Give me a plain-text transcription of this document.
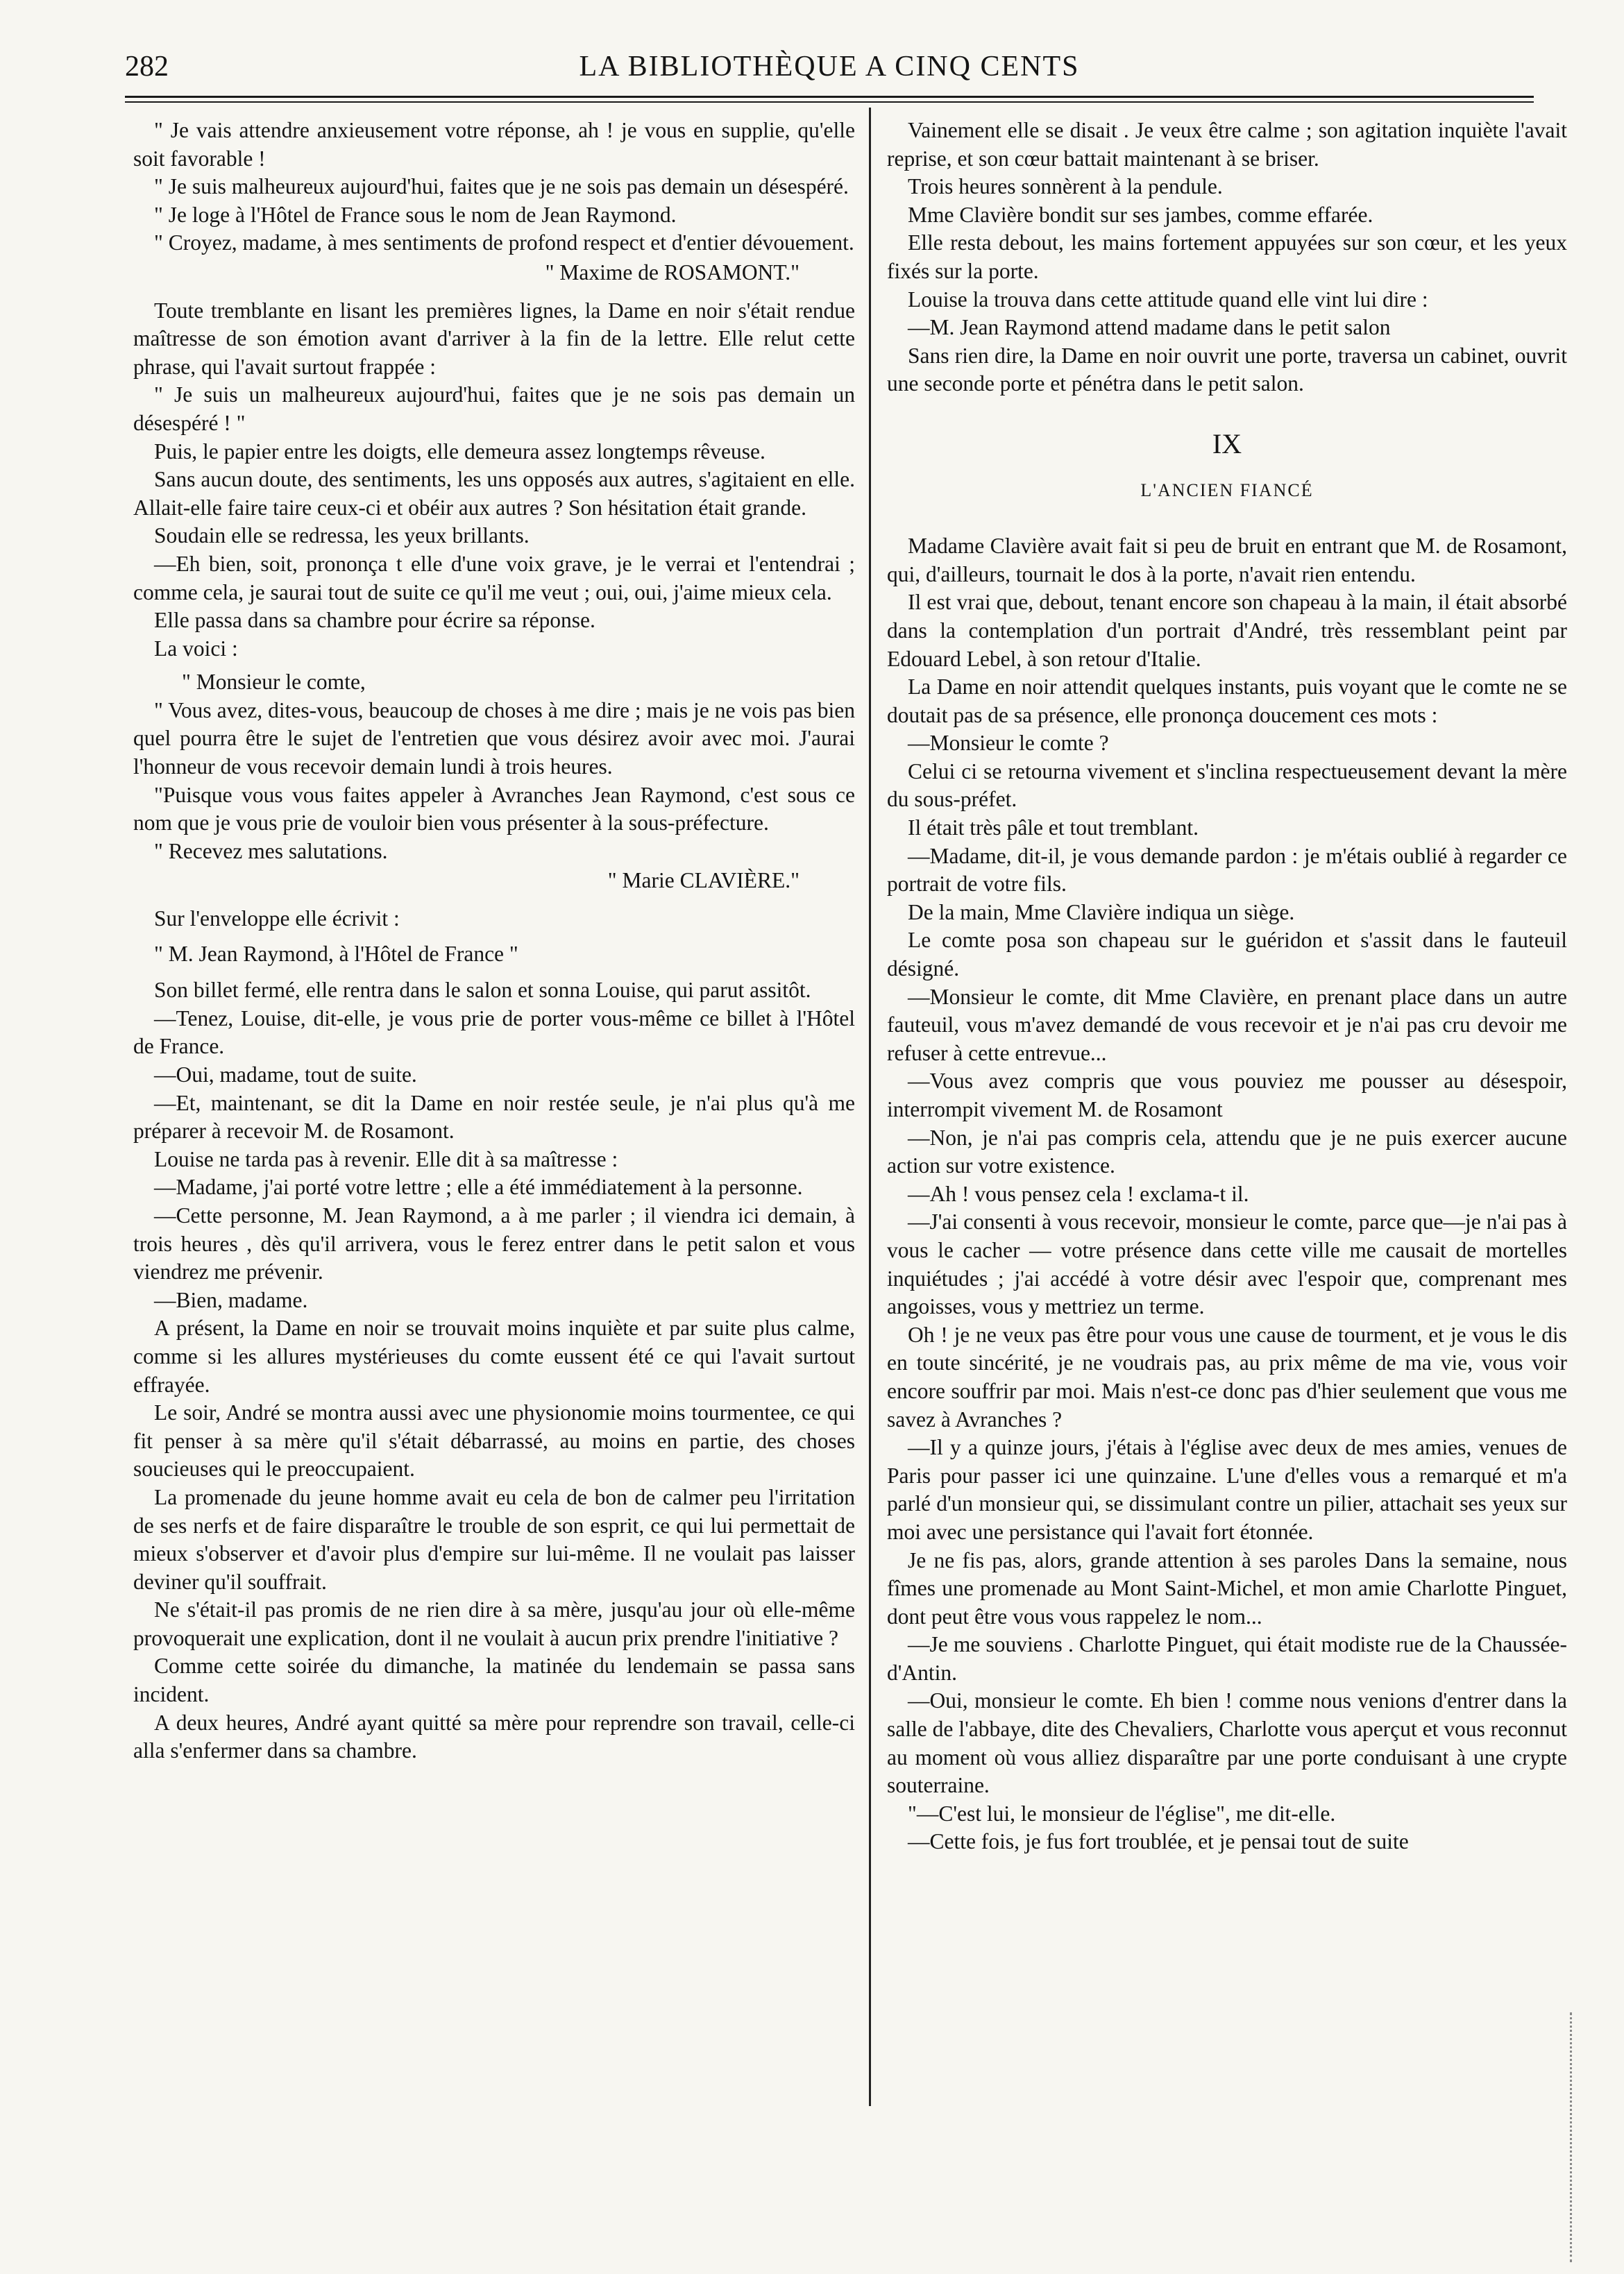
282	LA BIBLIOTHÈQUE A CINQ CENTS

" Je vais attendre anxieusement votre réponse, ah ! je vous en supplie, qu'elle soit favorable !

" Je suis malheureux aujourd'hui, faites que je ne sois pas demain un désespéré.

" Je loge à l'Hôtel de France sous le nom de Jean Raymond.

" Croyez, madame, à mes sentiments de profond respect et d'entier dévouement.

" Maxime de ROSAMONT."

Toute tremblante en lisant les premières lignes, la Dame en noir s'était rendue maîtresse de son émotion avant d'arriver à la fin de la lettre. Elle relut cette phrase, qui l'avait surtout frappée :

" Je suis un malheureux aujourd'hui, faites que je ne sois pas demain un désespéré ! "

Puis, le papier entre les doigts, elle demeura assez longtemps rêveuse.

Sans aucun doute, des sentiments, les uns opposés aux autres, s'agitaient en elle. Allait-elle faire taire ceux-ci et obéir aux autres ? Son hésitation était grande.

Soudain elle se redressa, les yeux brillants.

—Eh bien, soit, prononça t elle d'une voix grave, je le verrai et l'entendrai ; comme cela, je saurai tout de suite ce qu'il me veut ; oui, oui, j'aime mieux cela.

Elle passa dans sa chambre pour écrire sa réponse.

La voici :

" Monsieur le comte,

" Vous avez, dites-vous, beaucoup de choses à me dire ; mais je ne vois pas bien quel pourra être le sujet de l'entretien que vous désirez avoir avec moi. J'aurai l'honneur de vous recevoir demain lundi à trois heures.

"Puisque vous vous faites appeler à Avranches Jean Raymond, c'est sous ce nom que je vous prie de vouloir bien vous présenter à la sous-préfecture.

" Recevez mes salutations.

" Marie CLAVIÈRE."

Sur l'enveloppe elle écrivit :

" M. Jean Raymond, à l'Hôtel de France "

Son billet fermé, elle rentra dans le salon et sonna Louise, qui parut assitôt.

—Tenez, Louise, dit-elle, je vous prie de porter vous-même ce billet à l'Hôtel de France.

—Oui, madame, tout de suite.

—Et, maintenant, se dit la Dame en noir restée seule, je n'ai plus qu'à me préparer à recevoir M. de Rosamont.

Louise ne tarda pas à revenir. Elle dit à sa maîtresse :

—Madame, j'ai porté votre lettre ; elle a été immédiatement à la personne.

—Cette personne, M. Jean Raymond, a à me parler ; il viendra ici demain, à trois heures , dès qu'il arrivera, vous le ferez entrer dans le petit salon et vous viendrez me prévenir.

—Bien, madame.

A présent, la Dame en noir se trouvait moins inquiète et par suite plus calme, comme si les allures mystérieuses du comte eussent été ce qui l'avait surtout effrayée.

Le soir, André se montra aussi avec une physionomie moins tourmentee, ce qui fit penser à sa mère qu'il s'était débarrassé, au moins en partie, des choses soucieuses qui le preoccupaient.

La promenade du jeune homme avait eu cela de bon de calmer peu l'irritation de ses nerfs et de faire disparaître le trouble de son esprit, ce qui lui permettait de mieux s'observer et d'avoir plus d'empire sur lui-même. Il ne voulait pas laisser deviner qu'il souffrait.

Ne s'était-il pas promis de ne rien dire à sa mère, jusqu'au jour où elle-même provoquerait une explication, dont il ne voulait à aucun prix prendre l'initiative ?

Comme cette soirée du dimanche, la matinée du lendemain se passa sans incident.

A deux heures, André ayant quitté sa mère pour reprendre son travail, celle-ci alla s'enfermer dans sa chambre.

Vainement elle se disait . Je veux être calme ; son agitation inquiète l'avait reprise, et son cœur battait maintenant à se briser.

Trois heures sonnèrent à la pendule.

Mme Clavière bondit sur ses jambes, comme effarée.

Elle resta debout, les mains fortement appuyées sur son cœur, et les yeux fixés sur la porte.

Louise la trouva dans cette attitude quand elle vint lui dire :

—M. Jean Raymond attend madame dans le petit salon

Sans rien dire, la Dame en noir ouvrit une porte, traversa un cabinet, ouvrit une seconde porte et pénétra dans le petit salon.

IX
L'ANCIEN FIANCÉ

Madame Clavière avait fait si peu de bruit en entrant que M. de Rosamont, qui, d'ailleurs, tournait le dos à la porte, n'avait rien entendu.

Il est vrai que, debout, tenant encore son chapeau à la main, il était absorbé dans la contemplation d'un portrait d'André, très ressemblant peint par Edouard Lebel, à son retour d'Italie.

La Dame en noir attendit quelques instants, puis voyant que le comte ne se doutait pas de sa présence, elle prononça doucement ces mots :

—Monsieur le comte ?

Celui ci se retourna vivement et s'inclina respectueusement devant la mère du sous-préfet.

Il était très pâle et tout tremblant.

—Madame, dit-il, je vous demande pardon : je m'étais oublié à regarder ce portrait de votre fils.

De la main, Mme Clavière indiqua un siège.

Le comte posa son chapeau sur le guéridon et s'assit dans le fauteuil désigné.

—Monsieur le comte, dit Mme Clavière, en prenant place dans un autre fauteuil, vous m'avez demandé de vous recevoir et je n'ai pas cru devoir me refuser à cette entrevue...

—Vous avez compris que vous pouviez me pousser au désespoir, interrompit vivement M. de Rosamont

—Non, je n'ai pas compris cela, attendu que je ne puis exercer aucune action sur votre existence.

—Ah ! vous pensez cela ! exclama-t il.

—J'ai consenti à vous recevoir, monsieur le comte, parce que—je n'ai pas à vous le cacher — votre présence dans cette ville me causait de mortelles inquiétudes ; j'ai accédé à votre désir avec l'espoir que, comprenant mes angoisses, vous y mettriez un terme.

Oh ! je ne veux pas être pour vous une cause de tourment, et je vous le dis en toute sincérité, je ne voudrais pas, au prix même de ma vie, vous voir encore souffrir par moi. Mais n'est-ce donc pas d'hier seulement que vous me savez à Avranches ?

—Il y a quinze jours, j'étais à l'église avec deux de mes amies, venues de Paris pour passer ici une quinzaine. L'une d'elles vous a remarqué et m'a parlé d'un monsieur qui, se dissimulant contre un pilier, attachait ses yeux sur moi avec une persistance qui l'avait fort étonnée.

Je ne fis pas, alors, grande attention à ses paroles Dans la semaine, nous fîmes une promenade au Mont Saint-Michel, et mon amie Charlotte Pinguet, dont peut être vous vous rappelez le nom...

—Je me souviens . Charlotte Pinguet, qui était modiste rue de la Chaussée-d'Antin.

—Oui, monsieur le comte. Eh bien ! comme nous venions d'entrer dans la salle de l'abbaye, dite des Chevaliers, Charlotte vous aperçut et vous reconnut au moment où vous alliez disparaître par une porte conduisant à une crypte souterraine.

"—C'est lui, le monsieur de l'église", me dit-elle.

—Cette fois, je fus fort troublée, et je pensai tout de suite
